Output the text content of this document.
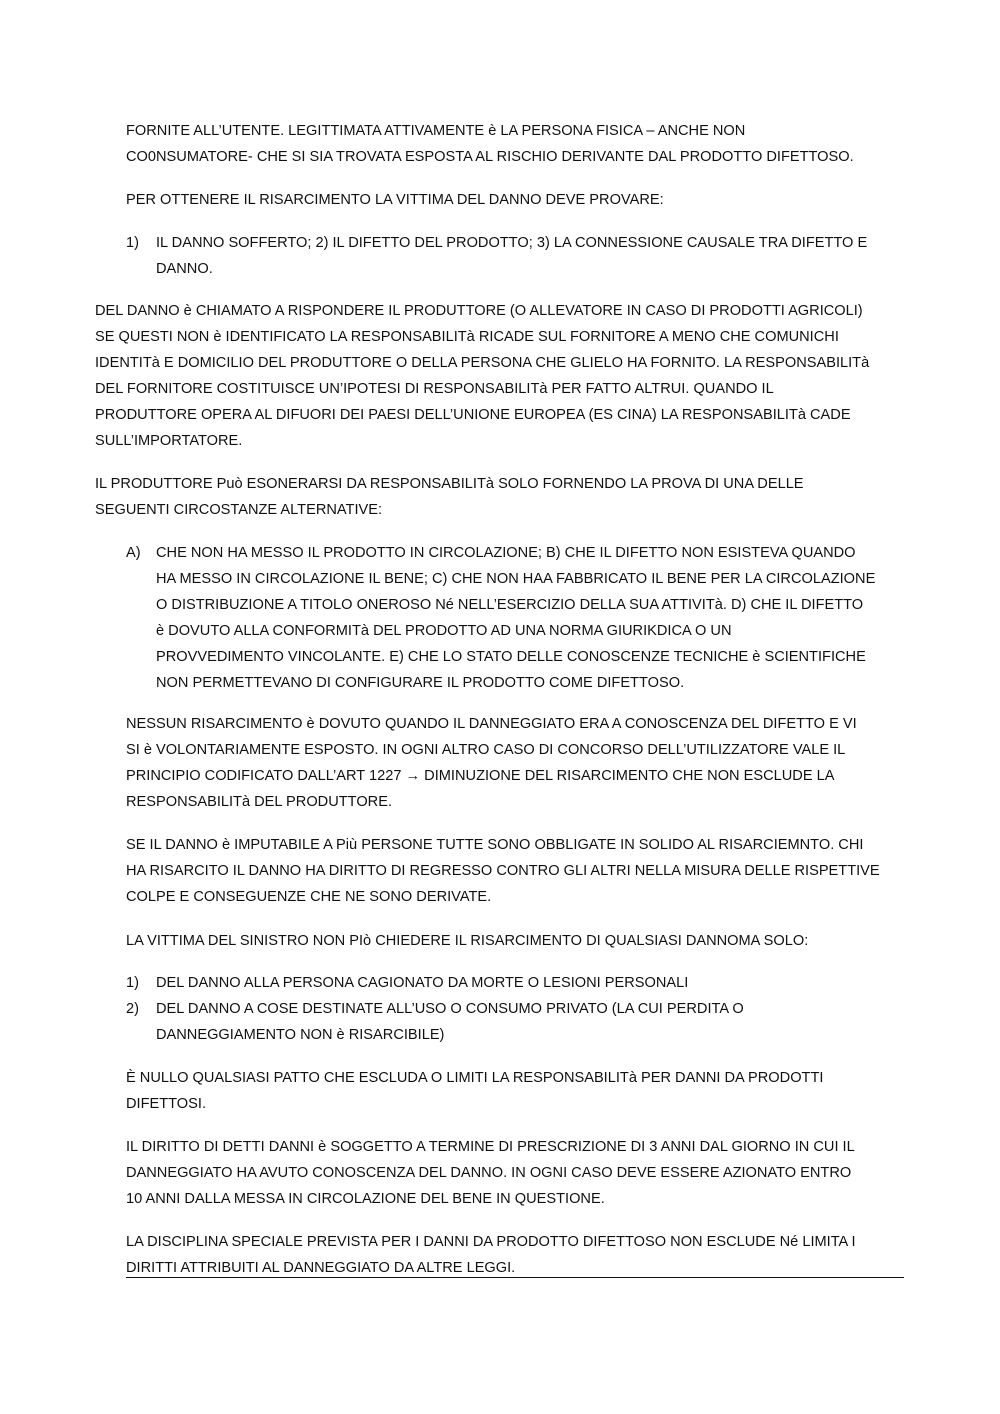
FORNITE ALL’UTENTE. LEGITTIMATA ATTIVAMENTE è LA PERSONA FISICA – ANCHE NON
CO0NSUMATORE- CHE SI SIA TROVATA ESPOSTA AL RISCHIO DERIVANTE DAL PRODOTTO DIFETTOSO.
PER OTTENERE IL RISARCIMENTO LA VITTIMA DEL DANNO DEVE PROVARE:
1) IL DANNO SOFFERTO; 2) IL DIFETTO DEL PRODOTTO; 3) LA CONNESSIONE CAUSALE TRA DIFETTO E
DANNO.
DEL DANNO è CHIAMATO A RISPONDERE IL PRODUTTORE (O ALLEVATORE IN CASO DI PRODOTTI AGRICOLI)
SE QUESTI NON è IDENTIFICATO LA RESPONSABILITà RICADE SUL FORNITORE A MENO CHE COMUNICHI
IDENTITà E DOMICILIO DEL PRODUTTORE O DELLA PERSONA CHE GLIELO HA FORNITO. LA RESPONSABILITà
DEL FORNITORE COSTITUISCE UN’IPOTESI DI RESPONSABILITà PER FATTO ALTRUI. QUANDO IL
PRODUTTORE OPERA AL DIFUORI DEI PAESI DELL’UNIONE EUROPEA (ES CINA) LA RESPONSABILITà CADE
SULL’IMPORTATORE.
IL PRODUTTORE Può ESONERARSI DA RESPONSABILITà SOLO FORNENDO LA PROVA DI UNA DELLE
SEGUENTI CIRCOSTANZE ALTERNATIVE:
A) CHE NON HA MESSO IL PRODOTTO IN CIRCOLAZIONE; B) CHE IL DIFETTO NON ESISTEVA QUANDO
HA MESSO IN CIRCOLAZIONE IL BENE; C) CHE NON HAA FABBRICATO IL BENE PER LA CIRCOLAZIONE
O DISTRIBUZIONE A TITOLO ONEROSO Né NELL’ESERCIZIO DELLA SUA ATTIVITà. D) CHE IL DIFETTO
è DOVUTO ALLA CONFORMITà DEL PRODOTTO AD UNA NORMA GIURIKDICA O UN
PROVVEDIMENTO VINCOLANTE. E) CHE LO STATO DELLE CONOSCENZE TECNICHE è SCIENTIFICHE
NON PERMETTEVANO DI CONFIGURARE IL PRODOTTO COME DIFETTOSO.
NESSUN RISARCIMENTO è DOVUTO QUANDO IL DANNEGGIATO ERA A CONOSCENZA DEL DIFETTO E VI
SI è VOLONTARIAMENTE ESPOSTO. IN OGNI ALTRO CASO DI CONCORSO DELL’UTILIZZATORE VALE IL
PRINCIPIO CODIFICATO DALL’ART 1227 → DIMINUZIONE DEL RISARCIMENTO CHE NON ESCLUDE LA
RESPONSABILITà DEL PRODUTTORE.
SE IL DANNO è IMPUTABILE A Più PERSONE TUTTE SONO OBBLIGATE IN SOLIDO AL RISARCIEMNTO. CHI
HA RISARCITO IL DANNO HA DIRITTO DI REGRESSO CONTRO GLI ALTRI NELLA MISURA DELLE RISPETTIVE
COLPE E CONSEGUENZE CHE NE SONO DERIVATE.
LA VITTIMA DEL SINISTRO NON PIò CHIEDERE IL RISARCIMENTO DI QUALSIASI DANNOMA SOLO:
1) DEL DANNO ALLA PERSONA CAGIONATO DA MORTE O LESIONI PERSONALI
2) DEL DANNO A COSE DESTINATE ALL’USO O CONSUMO PRIVATO (LA CUI PERDITA O
DANNEGGIAMENTO NON è RISARCIBILE)
È NULLO QUALSIASI PATTO CHE ESCLUDA O LIMITI LA RESPONSABILITà PER DANNI DA PRODOTTI
DIFETTOSI.
IL DIRITTO DI DETTI DANNI è SOGGETTO A TERMINE DI PRESCRIZIONE DI 3 ANNI DAL GIORNO IN CUI IL
DANNEGGIATO HA AVUTO CONOSCENZA DEL DANNO. IN OGNI CASO DEVE ESSERE AZIONATO ENTRO
10 ANNI DALLA MESSA IN CIRCOLAZIONE DEL BENE IN QUESTIONE.
LA DISCIPLINA SPECIALE PREVISTA PER I DANNI DA PRODOTTO DIFETTOSO NON ESCLUDE Né LIMITA I
DIRITTI ATTRIBUITI AL DANNEGGIATO DA ALTRE LEGGI.
